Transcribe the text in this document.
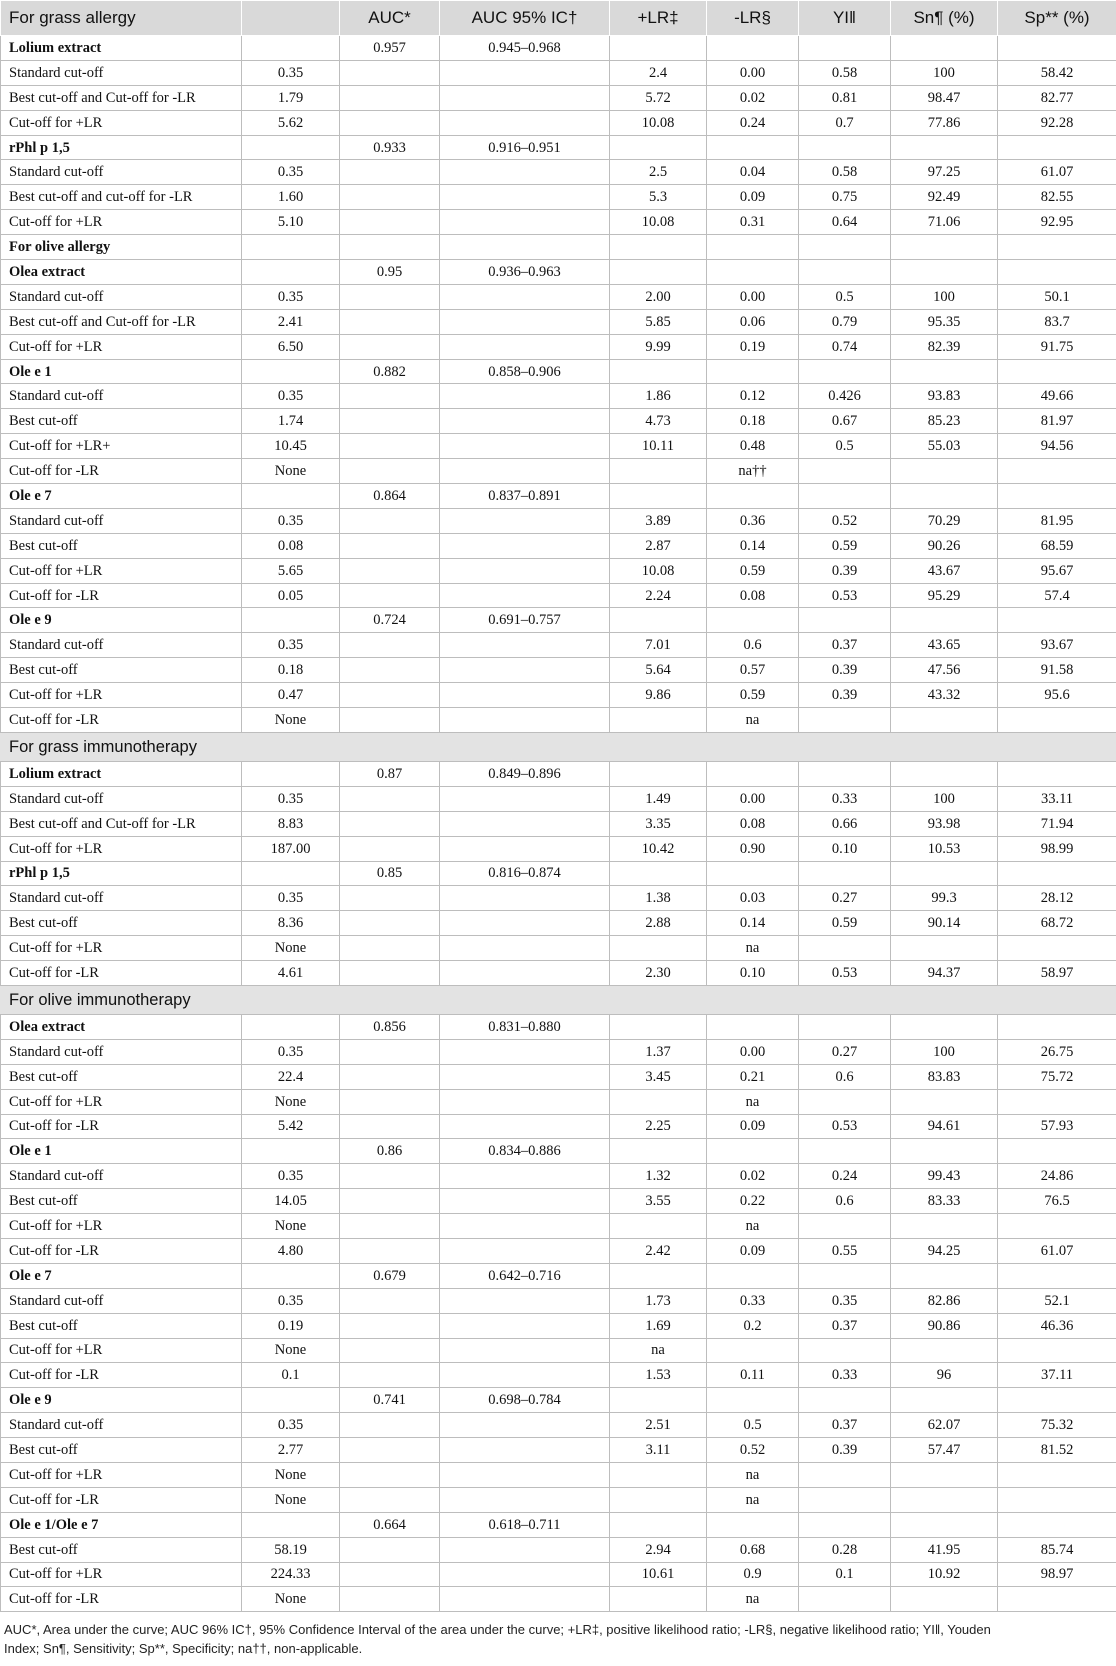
For grass allergy		AUC*	AUC 95% IC†	+LR‡	-LR§	YI‖	Sn¶ (%)	Sp** (%)
Lolium extract		0.957	0.945–0.968					
Standard cut-off	0.35			2.4	0.00	0.58	100	58.42
Best cut-off and Cut-off for -LR	1.79			5.72	0.02	0.81	98.47	82.77
Cut-off for +LR	5.62			10.08	0.24	0.7	77.86	92.28
rPhl p 1,5		0.933	0.916–0.951					
Standard cut-off	0.35			2.5	0.04	0.58	97.25	61.07
Best cut-off and cut-off for -LR	1.60			5.3	0.09	0.75	92.49	82.55
Cut-off for +LR	5.10			10.08	0.31	0.64	71.06	92.95
For olive allergy								
Olea extract		0.95	0.936–0.963					
Standard cut-off	0.35			2.00	0.00	0.5	100	50.1
Best cut-off and Cut-off for -LR	2.41			5.85	0.06	0.79	95.35	83.7
Cut-off for +LR	6.50			9.99	0.19	0.74	82.39	91.75
Ole e 1		0.882	0.858–0.906					
Standard cut-off	0.35			1.86	0.12	0.426	93.83	49.66
Best cut-off	1.74			4.73	0.18	0.67	85.23	81.97
Cut-off for +LR+	10.45			10.11	0.48	0.5	55.03	94.56
Cut-off for -LR	None				na††			
Ole e 7		0.864	0.837–0.891					
Standard cut-off	0.35			3.89	0.36	0.52	70.29	81.95
Best cut-off	0.08			2.87	0.14	0.59	90.26	68.59
Cut-off for +LR	5.65			10.08	0.59	0.39	43.67	95.67
Cut-off for -LR	0.05			2.24	0.08	0.53	95.29	57.4
Ole e 9		0.724	0.691–0.757					
Standard cut-off	0.35			7.01	0.6	0.37	43.65	93.67
Best cut-off	0.18			5.64	0.57	0.39	47.56	91.58
Cut-off for +LR	0.47			9.86	0.59	0.39	43.32	95.6
Cut-off for -LR	None				na			
For grass immunotherapy								
Lolium extract		0.87	0.849–0.896					
Standard cut-off	0.35			1.49	0.00	0.33	100	33.11
Best cut-off and Cut-off for -LR	8.83			3.35	0.08	0.66	93.98	71.94
Cut-off for +LR	187.00			10.42	0.90	0.10	10.53	98.99
rPhl p 1,5		0.85	0.816–0.874					
Standard cut-off	0.35			1.38	0.03	0.27	99.3	28.12
Best cut-off	8.36			2.88	0.14	0.59	90.14	68.72
Cut-off for +LR	None				na			
Cut-off for -LR	4.61			2.30	0.10	0.53	94.37	58.97
For olive immunotherapy								
Olea extract		0.856	0.831–0.880					
Standard cut-off	0.35			1.37	0.00	0.27	100	26.75
Best cut-off	22.4			3.45	0.21	0.6	83.83	75.72
Cut-off for +LR	None				na			
Cut-off for -LR	5.42			2.25	0.09	0.53	94.61	57.93
Ole e 1		0.86	0.834–0.886					
Standard cut-off	0.35			1.32	0.02	0.24	99.43	24.86
Best cut-off	14.05			3.55	0.22	0.6	83.33	76.5
Cut-off for +LR	None				na			
Cut-off for -LR	4.80			2.42	0.09	0.55	94.25	61.07
Ole e 7		0.679	0.642–0.716					
Standard cut-off	0.35			1.73	0.33	0.35	82.86	52.1
Best cut-off	0.19			1.69	0.2	0.37	90.86	46.36
Cut-off for +LR	None			na				
Cut-off for -LR	0.1			1.53	0.11	0.33	96	37.11
Ole e 9		0.741	0.698–0.784					
Standard cut-off	0.35			2.51	0.5	0.37	62.07	75.32
Best cut-off	2.77			3.11	0.52	0.39	57.47	81.52
Cut-off for +LR	None				na			
Cut-off for -LR	None				na			
Ole e 1/Ole e 7		0.664	0.618–0.711					
Best cut-off	58.19			2.94	0.68	0.28	41.95	85.74
Cut-off for +LR	224.33			10.61	0.9	0.1	10.92	98.97
Cut-off for -LR	None				na			
AUC*, Area under the curve; AUC 96% IC†, 95% Confidence Interval of the area under the curve; +LR‡, positive likelihood ratio; -LR§, negative likelihood ratio; YI‖, Youden
Index; Sn¶, Sensitivity; Sp**, Specificity; na††, non-applicable.
